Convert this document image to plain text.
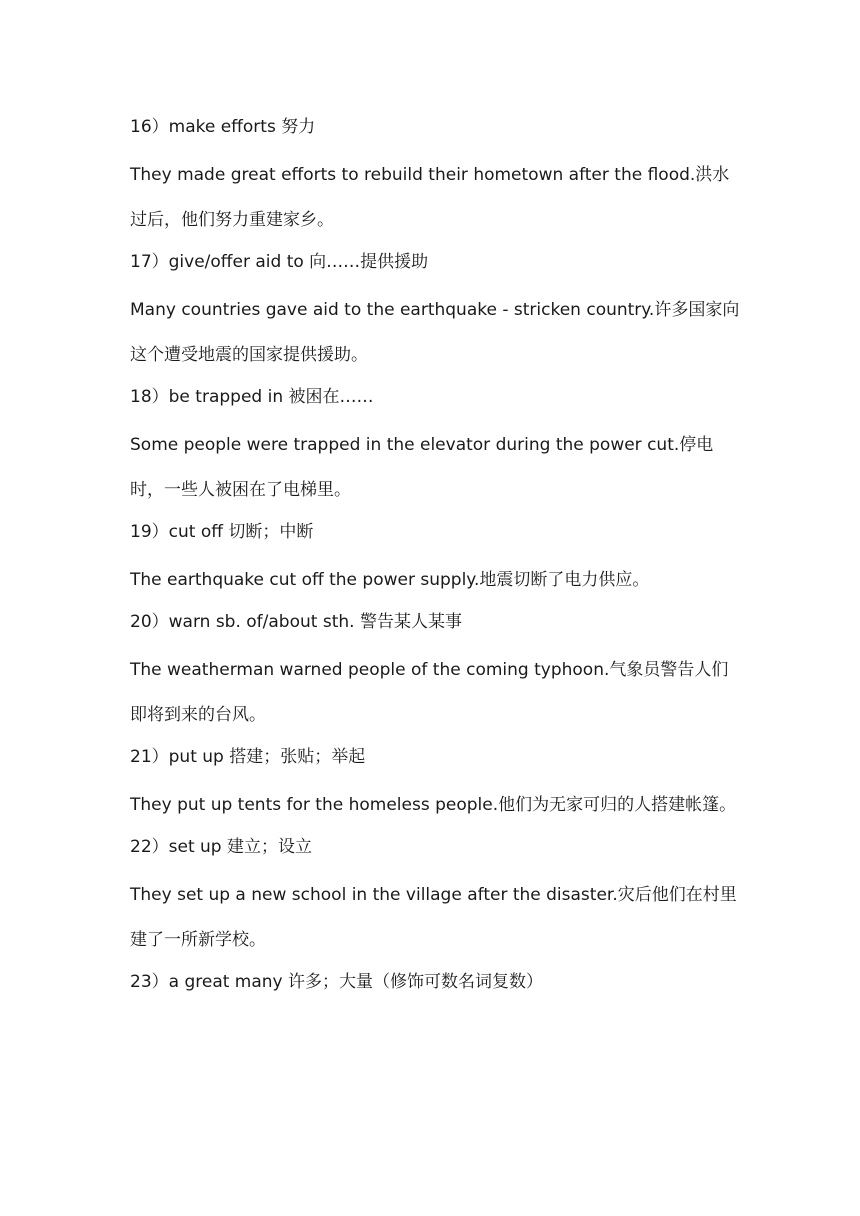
16）make efforts 努力

They made great efforts to rebuild their hometown after the flood.洪水过后，他们努力重建家乡。

17）give/offer aid to 向……提供援助

Many countries gave aid to the earthquake - stricken country.许多国家向这个遭受地震的国家提供援助。

18）be trapped in 被困在……

Some people were trapped in the elevator during the power cut.停电时，一些人被困在了电梯里。

19）cut off 切断；中断

The earthquake cut off the power supply.地震切断了电力供应。

20）warn sb. of/about sth. 警告某人某事

The weatherman warned people of the coming typhoon.气象员警告人们即将到来的台风。

21）put up 搭建；张贴；举起

They put up tents for the homeless people.他们为无家可归的人搭建帐篷。

22）set up 建立；设立

They set up a new school in the village after the disaster.灾后他们在村里建了一所新学校。

23）a great many 许多；大量（修饰可数名词复数）
